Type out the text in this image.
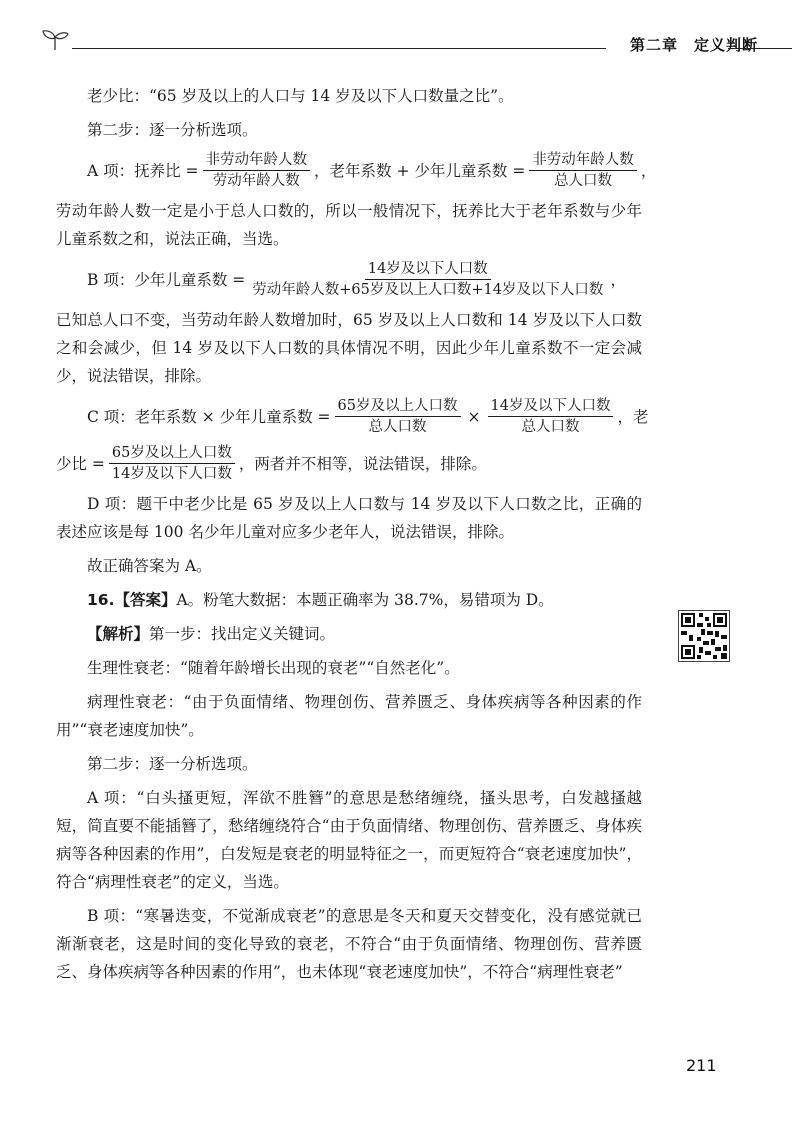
第二章　定义判断

老少比：“65 岁及以上的人口与 14 岁及以下人口数量之比”。

第二步：逐一分析选项。

A 项：抚养比 = $\frac{\text{非劳动年龄人数}}{\text{劳动年龄人数}}$ ，老年系数 + 少年儿童系数 = $\frac{\text{非劳动年龄人数}}{\text{总人口数}}$ ，

劳动年龄人数一定是小于总人口数的，所以一般情况下，抚养比大于老年系数与少年儿童系数之和，说法正确，当选。

B 项：少年儿童系数 = $\frac{\text{14岁及以下人口数}}{\text{劳动年龄人数+65岁及以上人口数+14岁及以下人口数}}$ ，

已知总人口不变，当劳动年龄人数增加时，65 岁及以上人口数和 14 岁及以下人口数之和会减少，但 14 岁及以下人口数的具体情况不明，因此少年儿童系数不一定会减少，说法错误，排除。

C 项：老年系数 × 少年儿童系数 = $\frac{\text{65岁及以上人口数}}{\text{总人口数}} \times \frac{\text{14岁及以下人口数}}{\text{总人口数}}$ ，老
少比 = $\frac{\text{65岁及以上人口数}}{\text{14岁及以下人口数}}$ ，两者并不相等，说法错误，排除。

D 项：题干中老少比是 65 岁及以上人口数与 14 岁及以下人口数之比，正确的表述应该是每 100 名少年儿童对应多少老年人，说法错误，排除。

故正确答案为 A。

16.【答案】A。粉笔大数据：本题正确率为 38.7%，易错项为 D。

【解析】第一步：找出定义关键词。

生理性衰老：“随着年龄增长出现的衰老”“自然老化”。

病理性衰老：“由于负面情绪、物理创伤、营养匮乏、身体疾病等各种因素的作用”“衰老速度加快”。

第二步：逐一分析选项。

A 项：“白头搔更短，浑欲不胜簪”的意思是愁绪缠绕，搔头思考，白发越搔越短，简直要不能插簪了，愁绪缠绕符合“由于负面情绪、物理创伤、营养匮乏、身体疾病等各种因素的作用”，白发短是衰老的明显特征之一，而更短符合“衰老速度加快”，符合“病理性衰老”的定义，当选。

B 项：“寒暑迭变，不觉渐成衰老”的意思是冬天和夏天交替变化，没有感觉就已渐渐衰老，这是时间的变化导致的衰老，不符合“由于负面情绪、物理创伤、营养匮乏、身体疾病等各种因素的作用”，也未体现“衰老速度加快”，不符合“病理性衰老”

211
